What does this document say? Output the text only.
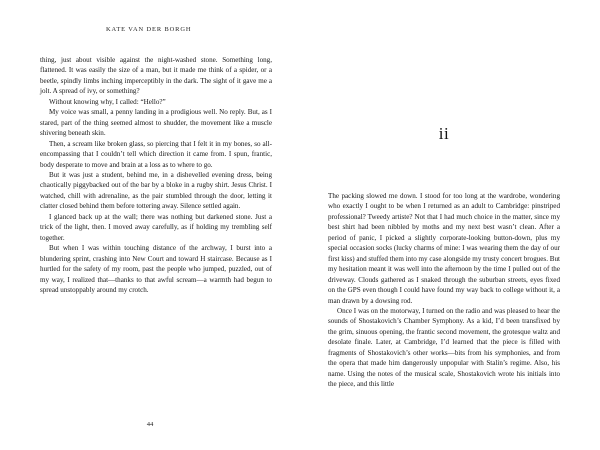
KATE VAN DER BORGH

thing, just about visible against the night-washed stone. Something long, flattened. It was easily the size of a man, but it made me think of a spider, or a beetle, spindly limbs inching imperceptibly in the dark. The sight of it gave me a jolt. A spread of ivy, or something?

Without knowing why, I called: “Hello?”

My voice was small, a penny landing in a prodigious well. No reply. But, as I stared, part of the thing seemed almost to shudder, the movement like a muscle shivering beneath skin.

Then, a scream like broken glass, so piercing that I felt it in my bones, so all-encompassing that I couldn’t tell which direction it came from. I spun, frantic, body desperate to move and brain at a loss as to where to go.

But it was just a student, behind me, in a dishevelled evening dress, being chaotically piggybacked out of the bar by a bloke in a rugby shirt. Jesus Christ. I watched, chill with adrenaline, as the pair stumbled through the door, letting it clatter closed behind them before tottering away. Silence settled again.

I glanced back up at the wall; there was nothing but darkened stone. Just a trick of the light, then. I moved away carefully, as if holding my trembling self together.

But when I was within touching distance of the archway, I burst into a blundering sprint, crashing into New Court and toward H staircase. Because as I hurtled for the safety of my room, past the people who jumped, puzzled, out of my way, I realized that—thanks to that awful scream—a warmth had begun to spread unstoppably around my crotch.

44
ii

The packing slowed me down. I stood for too long at the wardrobe, wondering who exactly I ought to be when I returned as an adult to Cambridge: pinstriped professional? Tweedy artiste? Not that I had much choice in the matter, since my best shirt had been nibbled by moths and my next best wasn’t clean. After a period of panic, I picked a slightly corporate-looking button-down, plus my special occasion socks (lucky charms of mine: I was wearing them the day of our first kiss) and stuffed them into my case alongside my trusty concert brogues. But my hesitation meant it was well into the afternoon by the time I pulled out of the driveway. Clouds gathered as I snaked through the suburban streets, eyes fixed on the GPS even though I could have found my way back to college without it, a man drawn by a dowsing rod.

Once I was on the motorway, I turned on the radio and was pleased to hear the sounds of Shostakovich’s Chamber Symphony. As a kid, I’d been transfixed by the grim, sinuous opening, the frantic second movement, the grotesque waltz and desolate finale. Later, at Cambridge, I’d learned that the piece is filled with fragments of Shostakovich’s other works—bits from his symphonies, and from the opera that made him dangerously unpopular with Stalin’s regime. Also, his name. Using the notes of the musical scale, Shostakovich wrote his initials into the piece, and this little
